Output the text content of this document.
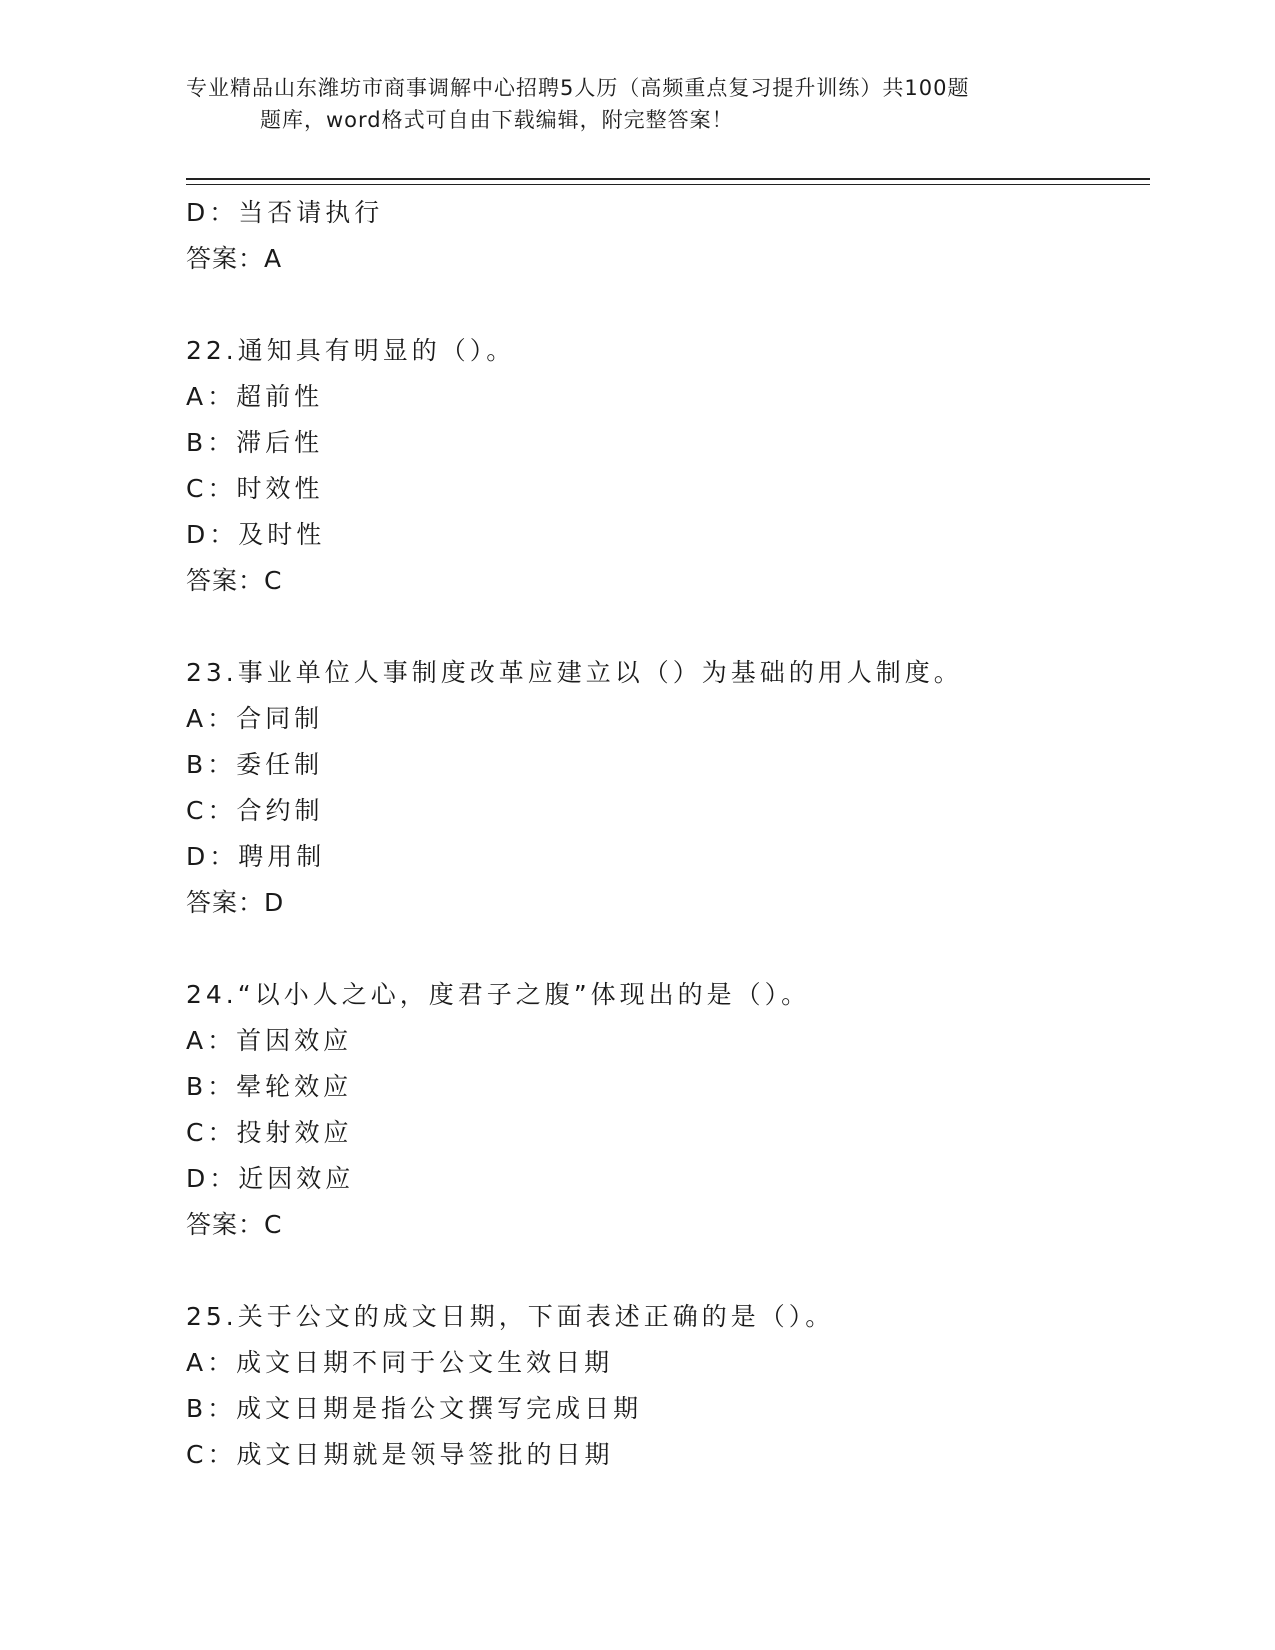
专业精品山东潍坊市商事调解中心招聘5人历（高频重点复习提升训练）共100题
题库，word格式可自由下载编辑，附完整答案！
D：当否请执行
答案：A
22.通知具有明显的（）。
A：超前性
B：滞后性
C：时效性
D：及时性
答案：C
23.事业单位人事制度改革应建立以（）为基础的用人制度。
A：合同制
B：委任制
C：合约制
D：聘用制
答案：D
24.“以小人之心，度君子之腹”体现出的是（）。
A：首因效应
B：晕轮效应
C：投射效应
D：近因效应
答案：C
25.关于公文的成文日期，下面表述正确的是（）。
A：成文日期不同于公文生效日期
B：成文日期是指公文撰写完成日期
C：成文日期就是领导签批的日期
